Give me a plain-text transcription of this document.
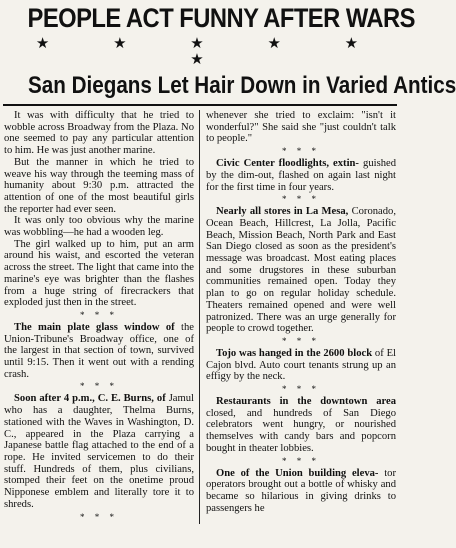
PEOPLE ACT FUNNY AFTER WARS
★ ★ ★ ★ ★ ★
San Diegans Let Hair Down in Varied Antics

It was with difficulty that he tried to wobble across Broadway from the Plaza. No one seemed to pay any particular attention to him. He was just another marine.

But the manner in which he tried to weave his way through the teeming mass of humanity about 9:30 p.m. attracted the attention of one of the most beautiful girls the reporter had ever seen.

It was only too obvious why the marine was wobbling—he had a wooden leg.

The girl walked up to him, put an arm around his waist, and escorted the veteran across the street. The light that came into the marine's eye was brighter than the flashes from a huge string of firecrackers that exploded just then in the street.

* * *

The main plate glass window of the Union-Tribune's Broadway office, one of the largest in that section of town, survived until 9:15. Then it went out with a rending crash.

* * *

Soon after 4 p.m., C. E. Burns, of Jamul who has a daughter, Thelma Burns, stationed with the Waves in Washington, D. C., appeared in the Plaza carrying a Japanese battle flag attached to the end of a rope. He invited servicemen to do their stuff. Hundreds of them, plus civilians, stomped their feet on the onetime proud Nipponese emblem and literally tore it to shreds.

* * *

whenever she tried to exclaim: "isn't it wonderful?" She said she "just couldn't talk to people."

* * *

Civic Center floodlights, extin- guished by the dim-out, flashed on again last night for the first time in four years.

* * *

Nearly all stores in La Mesa, Coronado, Ocean Beach, Hillcrest, La Jolla, Pacific Beach, Mission Beach, North Park and East San Diego closed as soon as the president's message was broadcast. Most eating places and some drugstores in these suburban communities remained open. Today they plan to go on regular holiday schedule. Theaters remained opened and were well patronized. There was an urge generally for people to crowd together.

* * *

Tojo was hanged in the 2600 block of El Cajon blvd. Auto court tenants strung up an effigy by the neck.

* * *

Restaurants in the downtown area closed, and hundreds of San Diego celebrators went hungry, or nourished themselves with candy bars and popcorn bought in theater lobbies.

* * *

One of the Union building eleva- tor operators brought out a bottle of whisky and became so hilarious in giving drinks to passengers he
